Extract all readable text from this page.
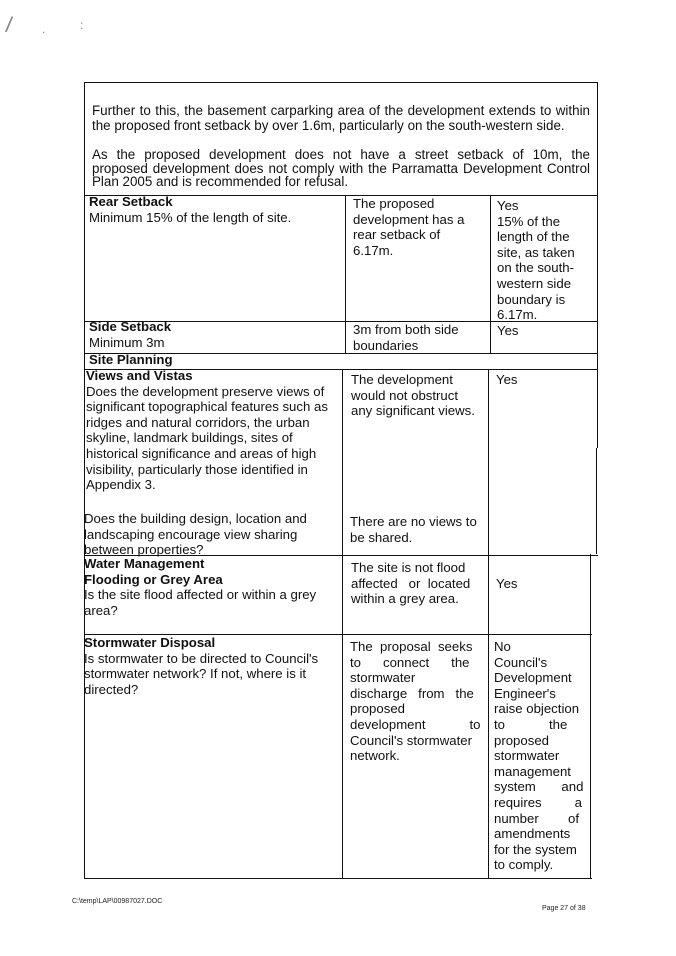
/ .	:
Further to this, the basement carparking area of the development extends to within
the proposed front setback by over 1.6m, particularly on the south-western side.
As the proposed development does not have a street setback of 10m, the
proposed development does not comply with the Parramatta Development Control
Plan 2005 and is recommended for refusal.
Rear Setback
Minimum 15% of the length of site.
The proposed
development has a
rear setback of
6.17m.
Yes
15% of the
length of the
site, as taken
on the south-
western side
boundary is
6.17m.
Side Setback
Minimum 3m
3m from both side
boundaries
Yes
Site Planning
Views and Vistas
Does the development preserve views of
significant topographical features such as
ridges and natural corridors, the urban
skyline, landmark buildings, sites of
historical significance and areas of high
visibility, particularly those identified in
Appendix 3.
Does the building design, location and
landscaping encourage view sharing
between properties?
The development
would not obstruct
any significant views.
There are no views to
be shared.
Yes
Water Management
Flooding or Grey Area
Is the site flood affected or within a grey
area?
The site is not flood
affected   or  located
within a grey area.
Yes
Stormwater Disposal
Is stormwater to be directed to Council's
stormwater network? If not, where is it
directed?
The  proposal  seeks
to      connect      the
stormwater
discharge   from   the
proposed
development            to
Council's stormwater
network.
No
Council's
Development
Engineer's
raise objection
to            the
proposed
stormwater
management
system       and
requires         a
number        of
amendments
for the system
to comply.
C:\temp\LAP\00987027.DOC
Page 27 of 38
